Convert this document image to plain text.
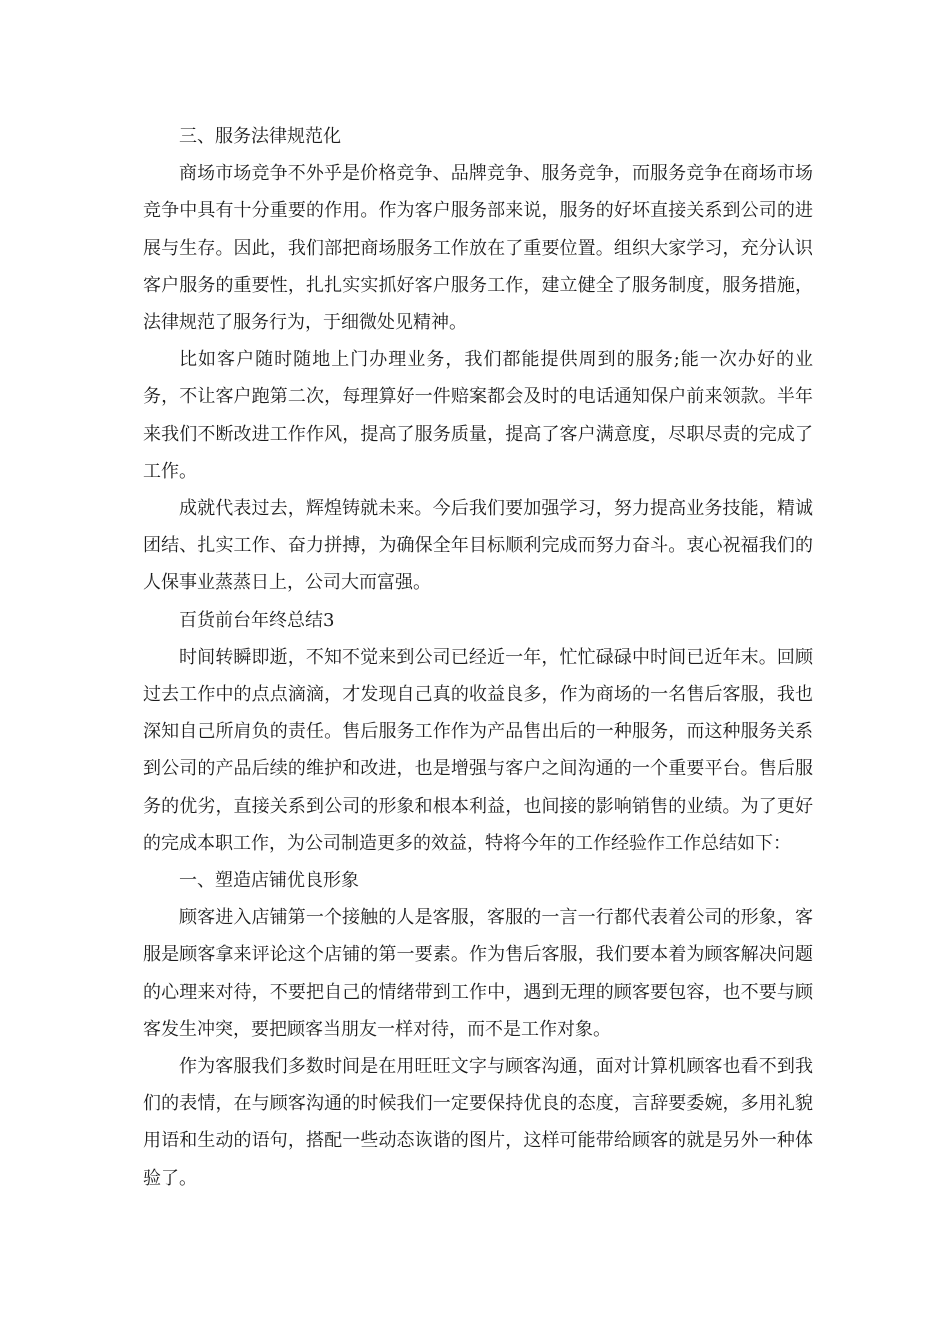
三、服务法律规范化

商场市场竞争不外乎是价格竞争、品牌竞争、服务竞争，而服务竞争在商场市场竞争中具有十分重要的作用。作为客户服务部来说，服务的好坏直接关系到公司的进展与生存。因此，我们部把商场服务工作放在了重要位置。组织大家学习，充分认识客户服务的重要性，扎扎实实抓好客户服务工作，建立健全了服务制度，服务措施，法律规范了服务行为，于细微处见精神。

比如客户随时随地上门办理业务，我们都能提供周到的服务;能一次办好的业务，不让客户跑第二次，每理算好一件赔案都会及时的电话通知保户前来领款。半年来我们不断改进工作作风，提高了服务质量，提高了客户满意度，尽职尽责的完成了工作。

成就代表过去，辉煌铸就未来。今后我们要加强学习，努力提高业务技能，精诚团结、扎实工作、奋力拼搏，为确保全年目标顺利完成而努力奋斗。衷心祝福我们的人保事业蒸蒸日上，公司大而富强。

百货前台年终总结3

时间转瞬即逝，不知不觉来到公司已经近一年，忙忙碌碌中时间已近年末。回顾过去工作中的点点滴滴，才发现自己真的收益良多，作为商场的一名售后客服，我也深知自己所肩负的责任。售后服务工作作为产品售出后的一种服务，而这种服务关系到公司的产品后续的维护和改进，也是增强与客户之间沟通的一个重要平台。售后服务的优劣，直接关系到公司的形象和根本利益，也间接的影响销售的业绩。为了更好的完成本职工作，为公司制造更多的效益，特将今年的工作经验作工作总结如下：

一、塑造店铺优良形象

顾客进入店铺第一个接触的人是客服，客服的一言一行都代表着公司的形象，客服是顾客拿来评论这个店铺的第一要素。作为售后客服，我们要本着为顾客解决问题的心理来对待，不要把自己的情绪带到工作中，遇到无理的顾客要包容，也不要与顾客发生冲突，要把顾客当朋友一样对待，而不是工作对象。

作为客服我们多数时间是在用旺旺文字与顾客沟通，面对计算机顾客也看不到我们的表情，在与顾客沟通的时候我们一定要保持优良的态度，言辞要委婉，多用礼貌用语和生动的语句，搭配一些动态诙谐的图片，这样可能带给顾客的就是另外一种体验了。
